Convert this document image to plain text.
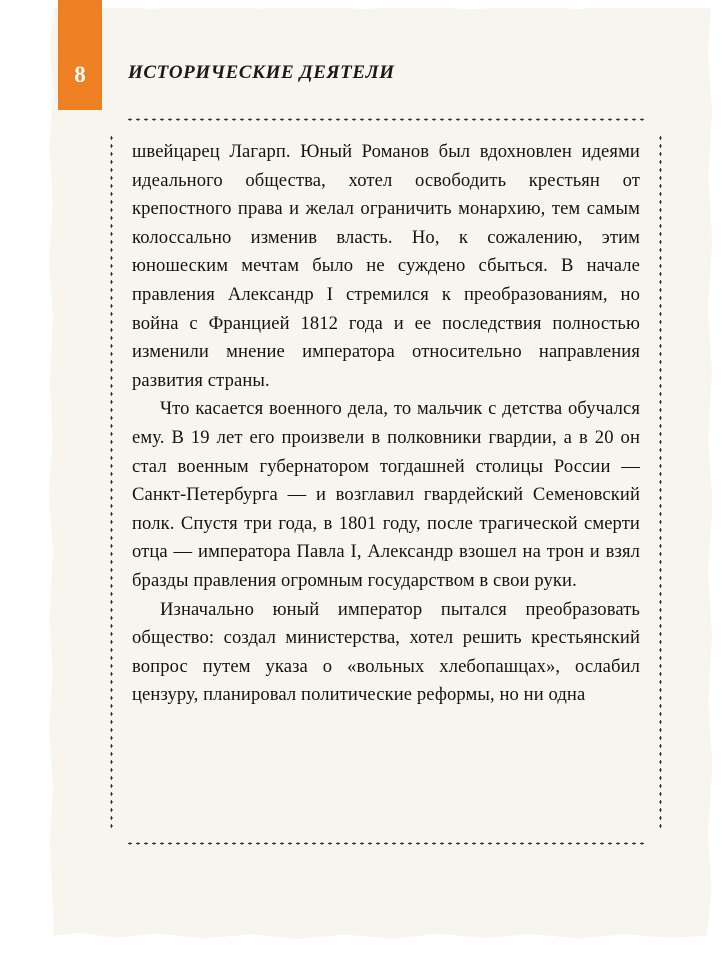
8 ИСТОРИЧЕСКИЕ ДЕЯТЕЛИ

швейцарец Лагарп. Юный Романов был вдохновлен идеями идеального общества, хотел освободить крестьян от крепостного права и желал ограничить монархию, тем самым колоссально изменив власть. Но, к сожалению, этим юношеским мечтам было не суждено сбыться. В начале правления Александр I стремился к преобразованиям, но война с Францией 1812 года и ее последствия полностью изменили мнение императора относительно направления развития страны.

Что касается военного дела, то мальчик с детства обучался ему. В 19 лет его произвели в полковники гвардии, а в 20 он стал военным губернатором тогдашней столицы России — Санкт-Петербурга — и возглавил гвардейский Семеновский полк. Спустя три года, в 1801 году, после трагической смерти отца — императора Павла I, Александр взошел на трон и взял бразды правления огромным государством в свои руки.

Изначально юный император пытался преобразовать общество: создал министерства, хотел решить крестьянский вопрос путем указа о «вольных хлебопашцах», ослабил цензуру, планировал политические реформы, но ни одна
